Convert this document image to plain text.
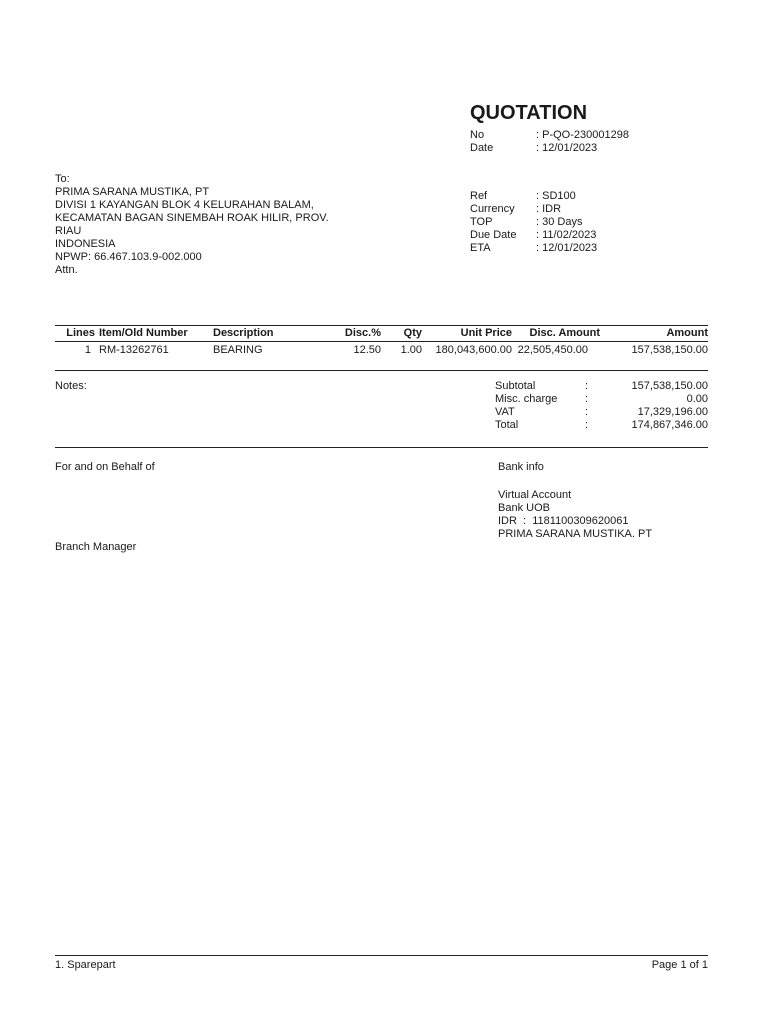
QUOTATION
No	: P-QO-230001298
Date	: 12/01/2023
To:
PRIMA SARANA MUSTIKA, PT
DIVISI 1 KAYANGAN BLOK 4 KELURAHAN BALAM,
KECAMATAN BAGAN SINEMBAH ROAK HILIR, PROV.
RIAU
INDONESIA
NPWP: 66.467.103.9-002.000
Attn.
Ref	: SD100
Currency	: IDR
TOP	: 30 Days
Due Date	: 11/02/2023
ETA	: 12/01/2023
Lines	Item/Old Number	Description	Disc.%	Qty	Unit Price	Disc. Amount	Amount
1	RM-13262761	BEARING	12.50	1.00	180,043,600.00	22,505,450.00	157,538,150.00
Notes:	Subtotal	:	157,538,150.00
Misc. charge	:	0.00
VAT	:	17,329,196.00
Total	:	174,867,346.00
For and on Behalf of	Bank info
Virtual Account
Bank UOB
IDR  :  1181100309620061
PRIMA SARANA MUSTIKA. PT
Branch Manager
1. Sparepart	Page 1 of 1
